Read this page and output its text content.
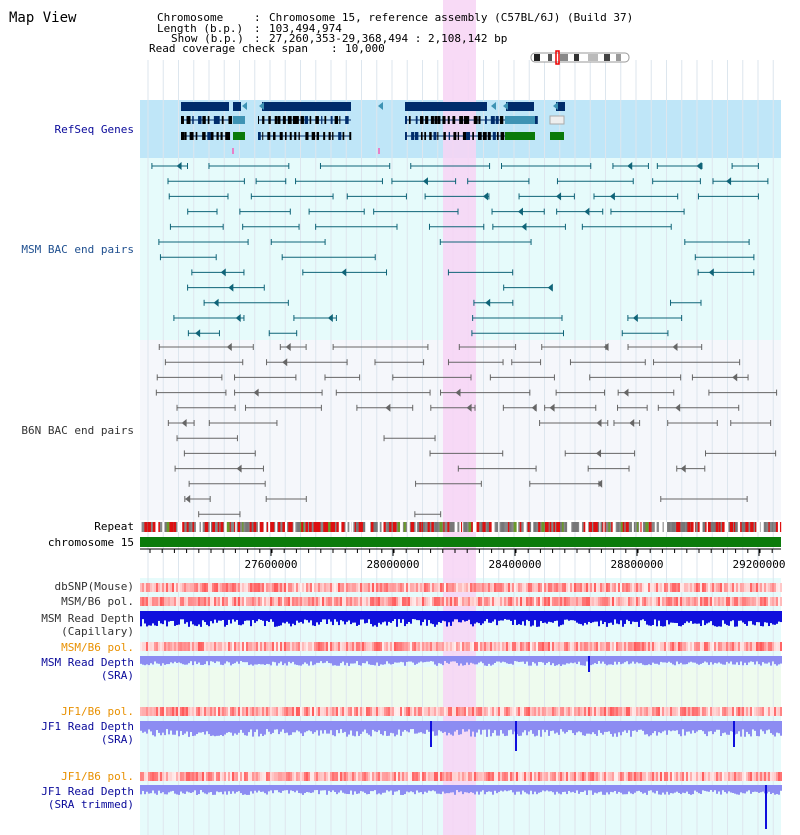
Map View	Chromosome	: Chromosome 15, reference assembly (C57BL/6J) (Build 37)
Length (b.p.) : 103,494,974
Show (b.p.) : 27,260,353-29,368,494 : 2,108,142 bp
Read coverage check span : 10,000
RefSeq Genes
MSM BAC end pairs
B6N BAC end pairs
Repeat
chromosome 15
dbSNP(Mouse)
MSM/B6 pol.
MSM Read Depth
(Capillary)
MSM/B6 pol.
MSM Read Depth
(SRA)
JF1/B6 pol.
JF1 Read Depth
(SRA)
JF1/B6 pol.
JF1 Read Depth
(SRA trimmed)
27600000	28000000	28400000	28800000	29200000
